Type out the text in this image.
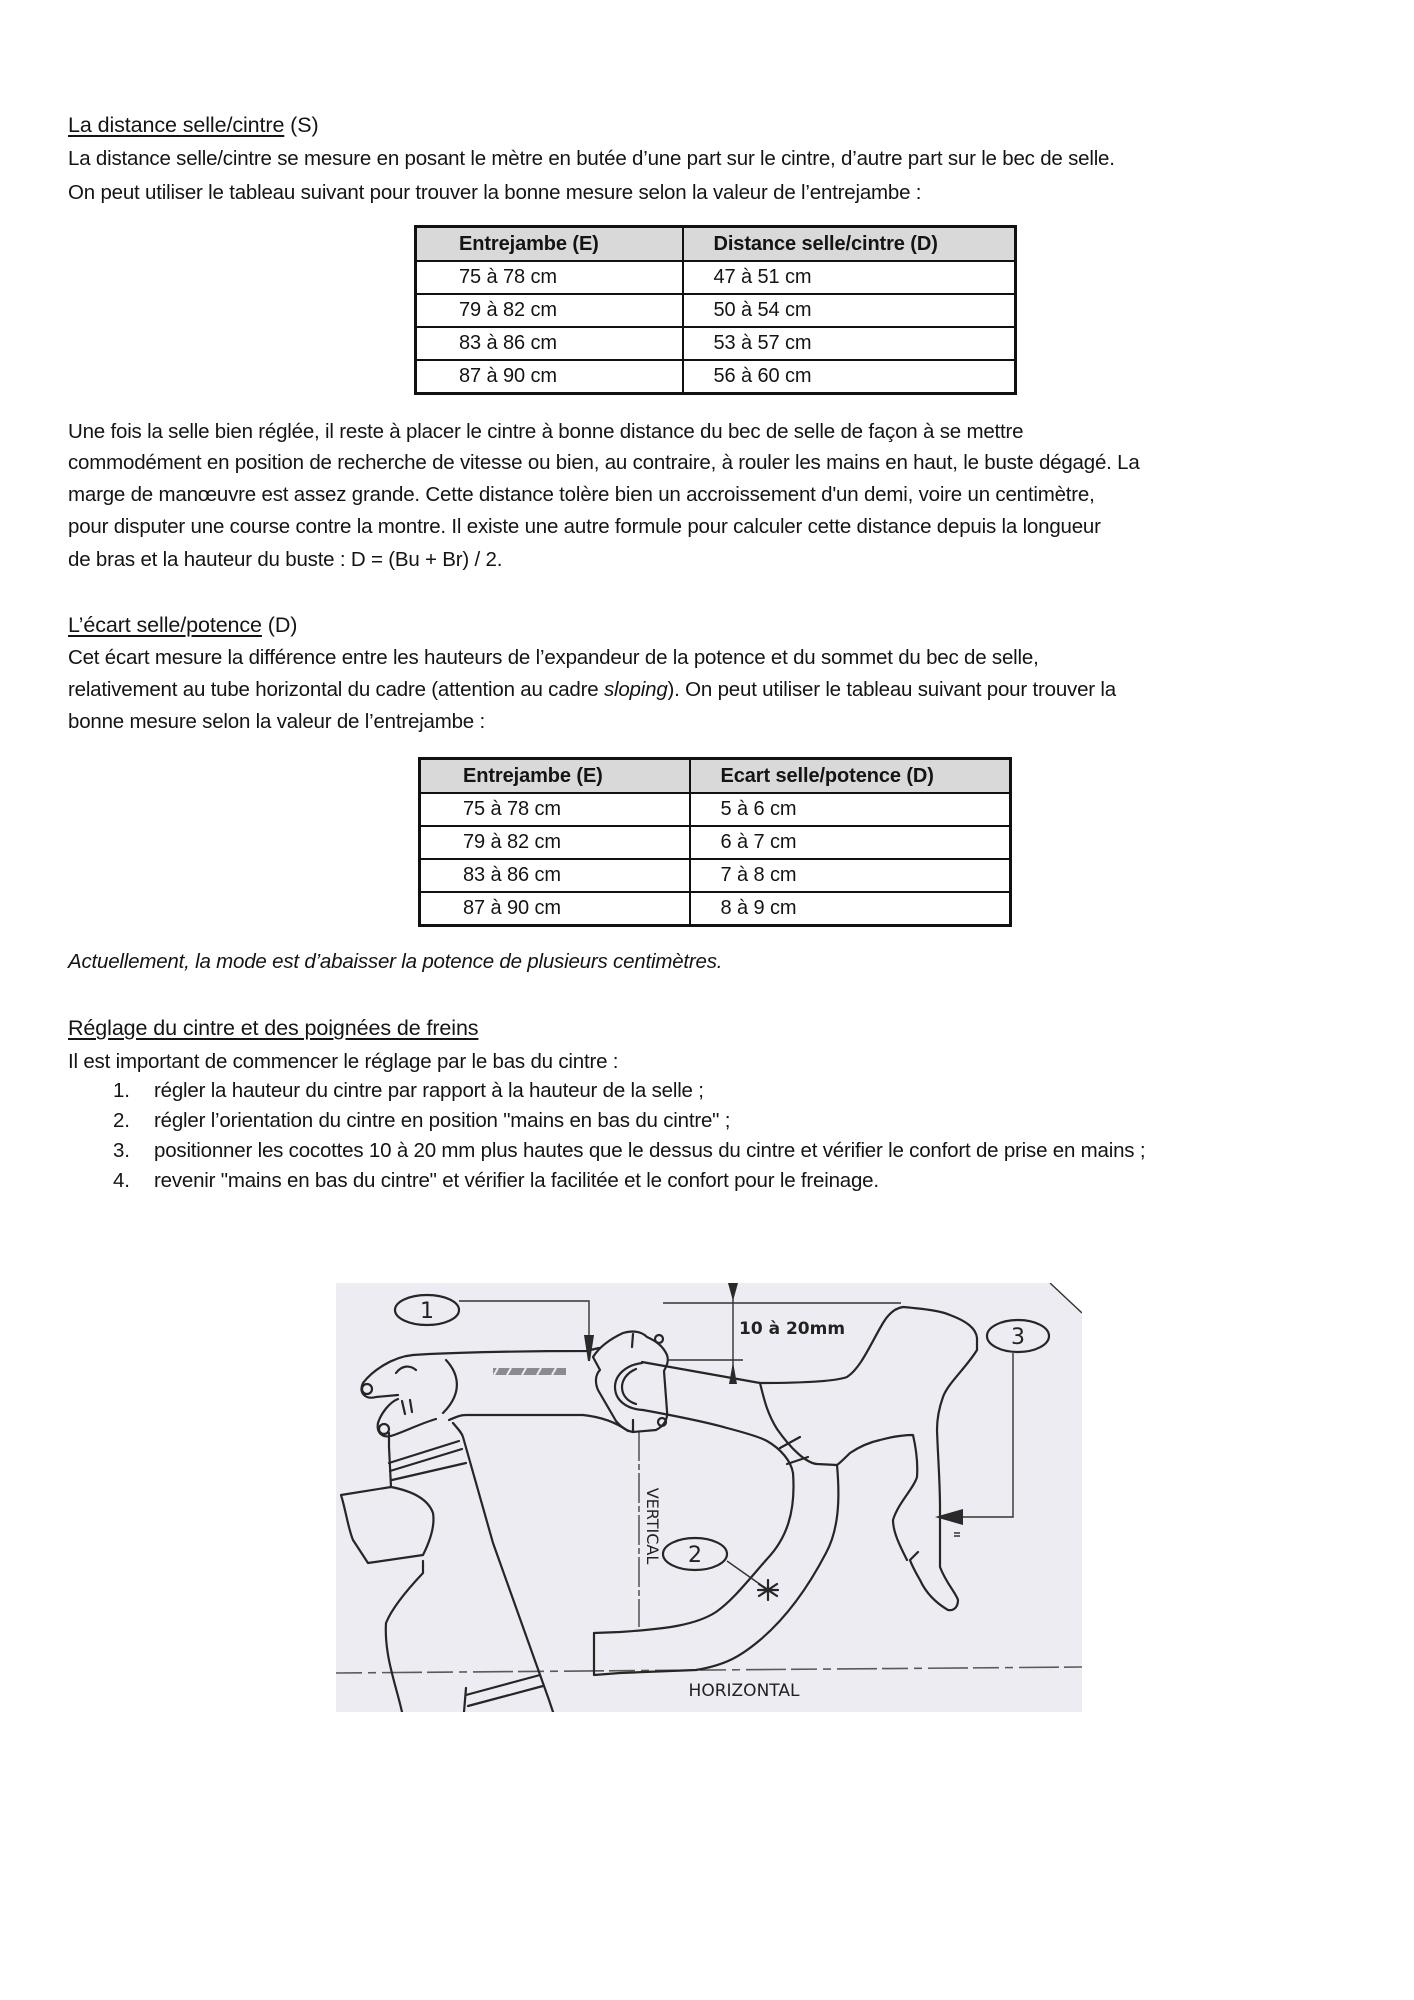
La distance selle/cintre (S)
La distance selle/cintre se mesure en posant le mètre en butée d’une part sur le cintre, d’autre part sur le bec de selle.
On peut utiliser le tableau suivant pour trouver la bonne mesure selon la valeur de l’entrejambe :
Entrejambe (E)	Distance selle/cintre (D)
75 à 78 cm	47 à 51 cm
79 à 82 cm	50 à 54 cm
83 à 86 cm	53 à 57 cm
87 à 90 cm	56 à 60 cm
Une fois la selle bien réglée, il reste à placer le cintre à bonne distance du bec de selle de façon à se mettre
commodément en position de recherche de vitesse ou bien, au contraire, à rouler les mains en haut, le buste dégagé. La
marge de manœuvre est assez grande. Cette distance tolère bien un accroissement d'un demi, voire un centimètre,
pour disputer une course contre la montre. Il existe une autre formule pour calculer cette distance depuis la longueur
de bras et la hauteur du buste : D = (Bu + Br) / 2.
L’écart selle/potence (D)
Cet écart mesure la différence entre les hauteurs de l’expandeur de la potence et du sommet du bec de selle,
relativement au tube horizontal du cadre (attention au cadre sloping). On peut utiliser le tableau suivant pour trouver la
bonne mesure selon la valeur de l’entrejambe :
Entrejambe (E)	Ecart selle/potence (D)
75 à 78 cm	5 à 6 cm
79 à 82 cm	6 à 7 cm
83 à 86 cm	7 à 8 cm
87 à 90 cm	8 à 9 cm
Actuellement, la mode est d’abaisser la potence de plusieurs centimètres.
Réglage du cintre et des poignées de freins
Il est important de commencer le réglage par le bas du cintre :
1. régler la hauteur du cintre par rapport à la hauteur de la selle ;
2. régler l’orientation du cintre en position "mains en bas du cintre" ;
3. positionner les cocottes 10 à 20 mm plus hautes que le dessus du cintre et vérifier le confort de prise en mains ;
4. revenir "mains en bas du cintre" et vérifier la facilitée et le confort pour le freinage.
1
10 à 20mm	3
2
VERTICAL
HORIZONTAL
